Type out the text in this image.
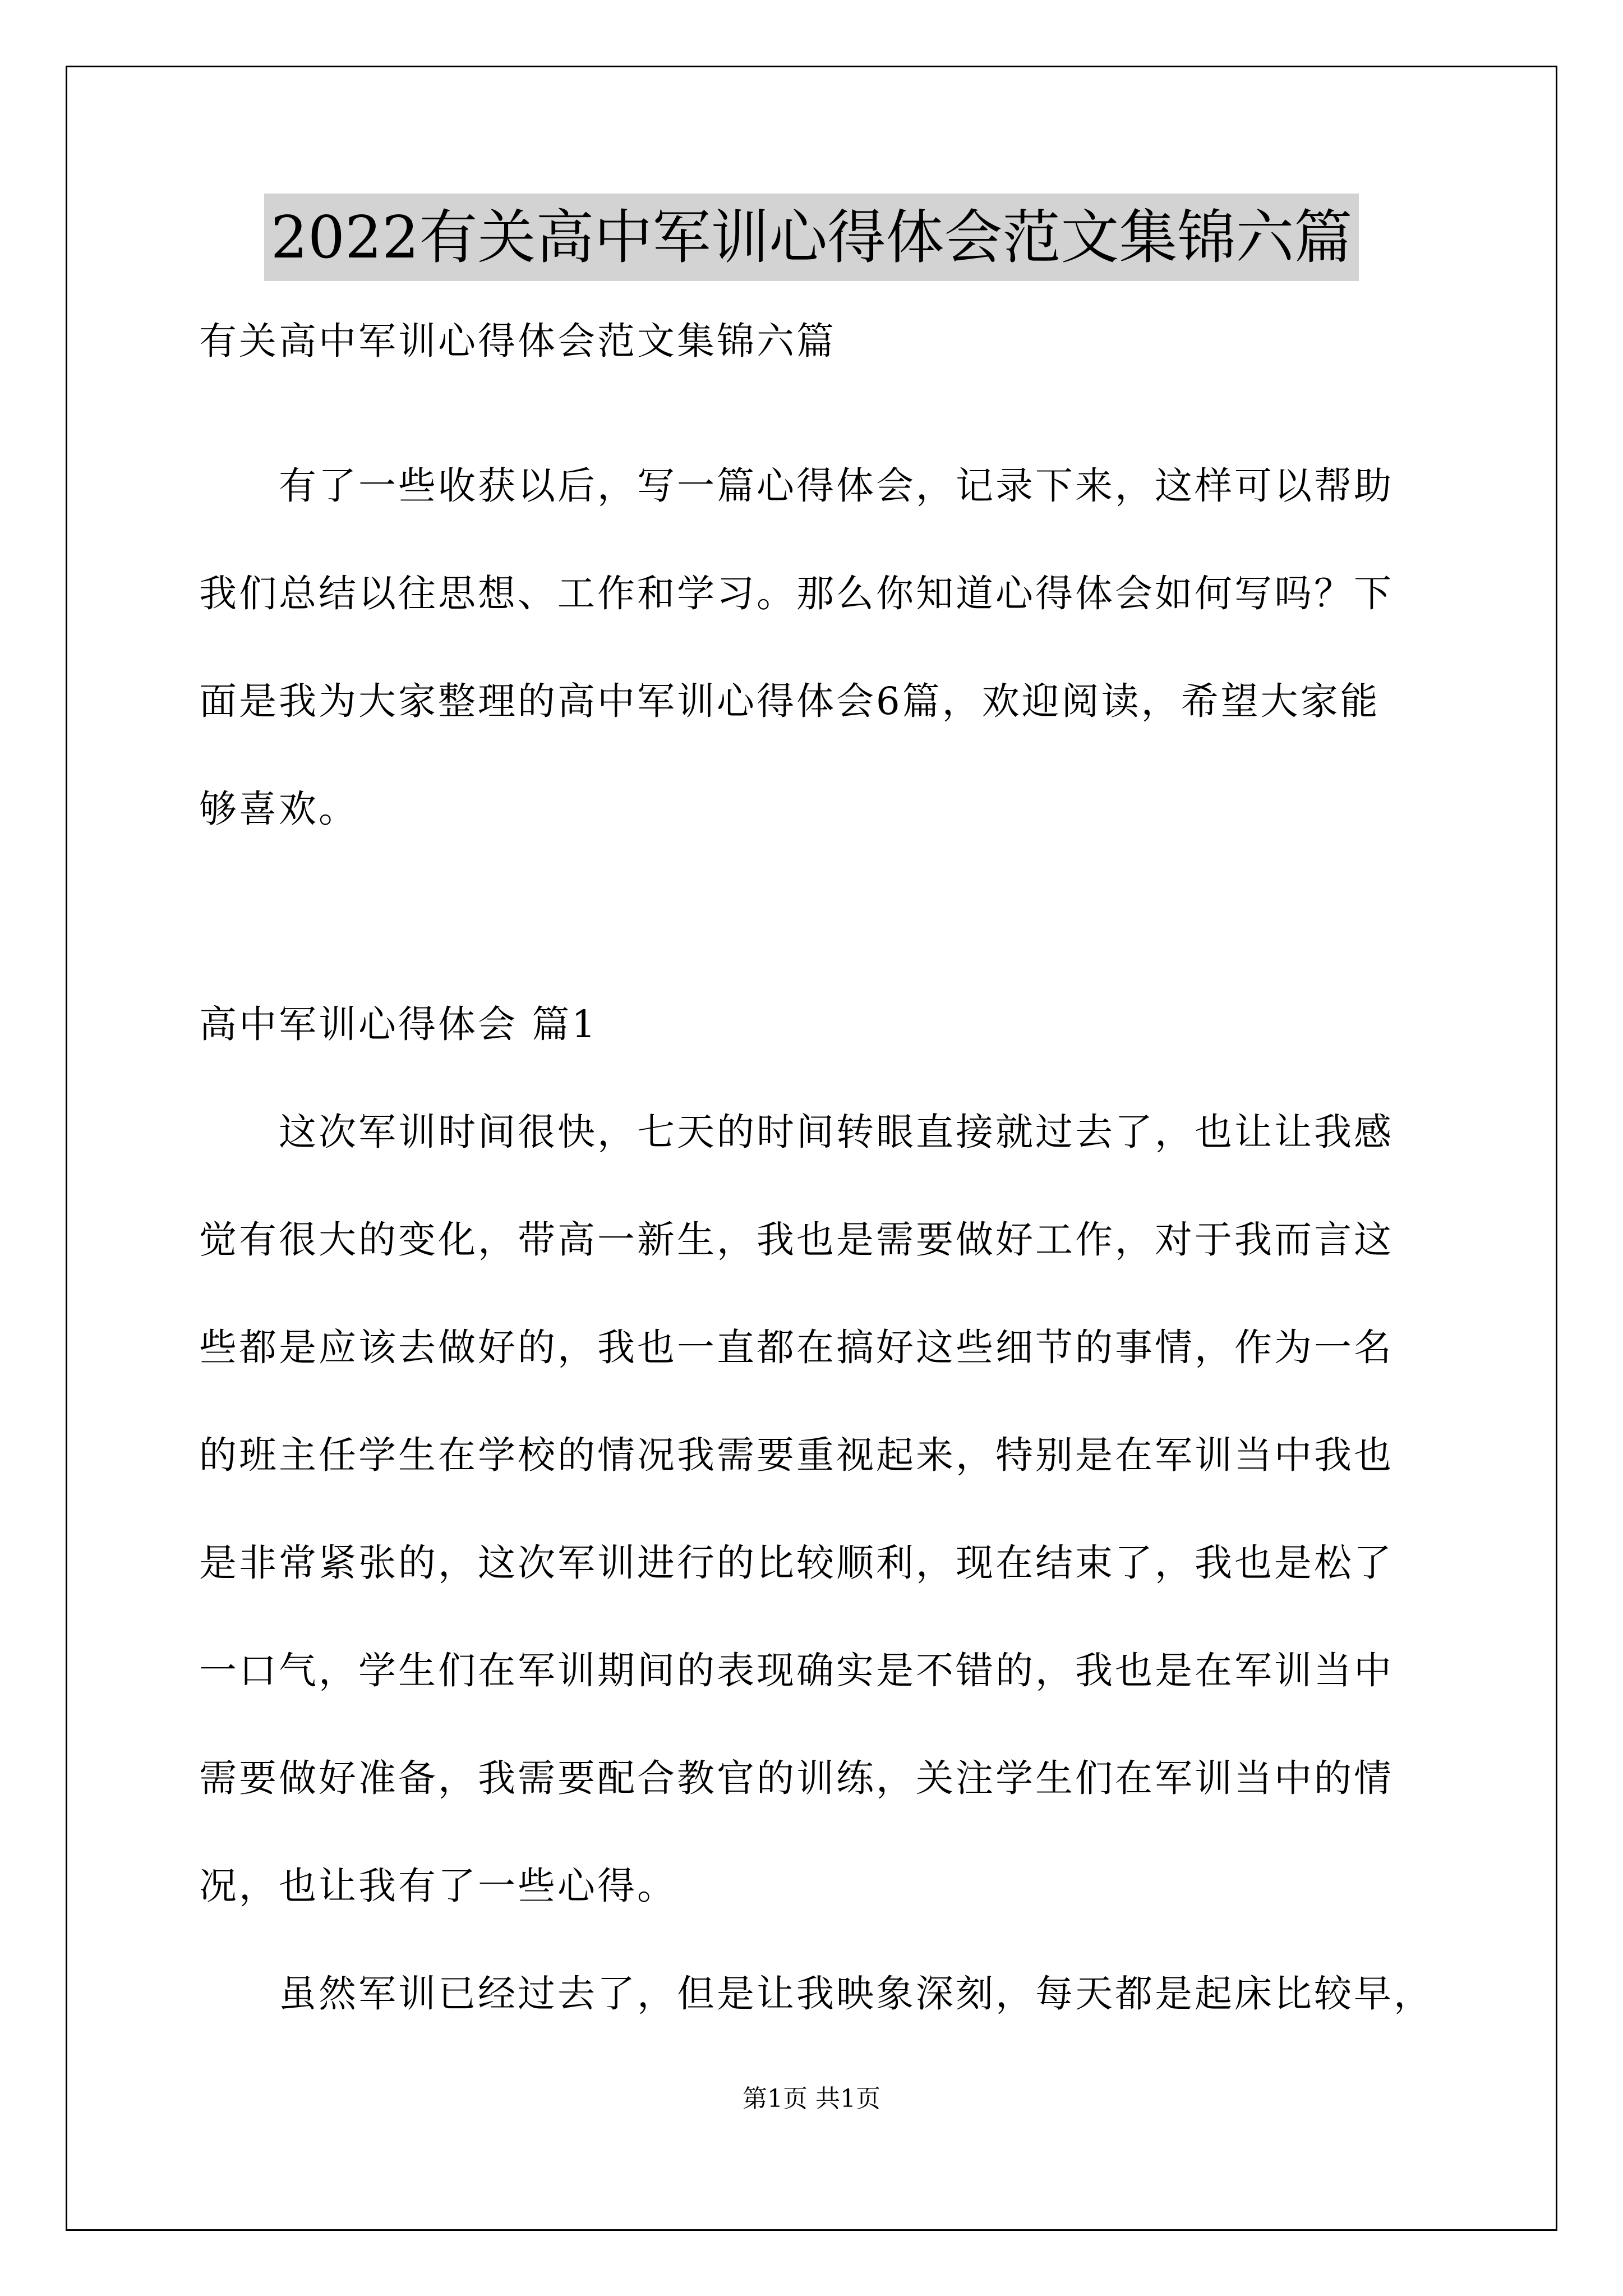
2022有关高中军训心得体会范文集锦六篇

有关高中军训心得体会范文集锦六篇

有了一些收获以后，写一篇心得体会，记录下来，这样可以帮助

我们总结以往思想、工作和学习。那么你知道心得体会如何写吗？下

面是我为大家整理的高中军训心得体会6篇，欢迎阅读，希望大家能

够喜欢。

高中军训心得体会 篇1

这次军训时间很快，七天的时间转眼直接就过去了，也让让我感

觉有很大的变化，带高一新生，我也是需要做好工作，对于我而言这

些都是应该去做好的，我也一直都在搞好这些细节的事情，作为一名

的班主任学生在学校的情况我需要重视起来，特别是在军训当中我也

是非常紧张的，这次军训进行的比较顺利，现在结束了，我也是松了

一口气，学生们在军训期间的表现确实是不错的，我也是在军训当中

需要做好准备，我需要配合教官的训练，关注学生们在军训当中的情

况，也让我有了一些心得。

虽然军训已经过去了，但是让我映象深刻，每天都是起床比较早，

第1页 共1页
